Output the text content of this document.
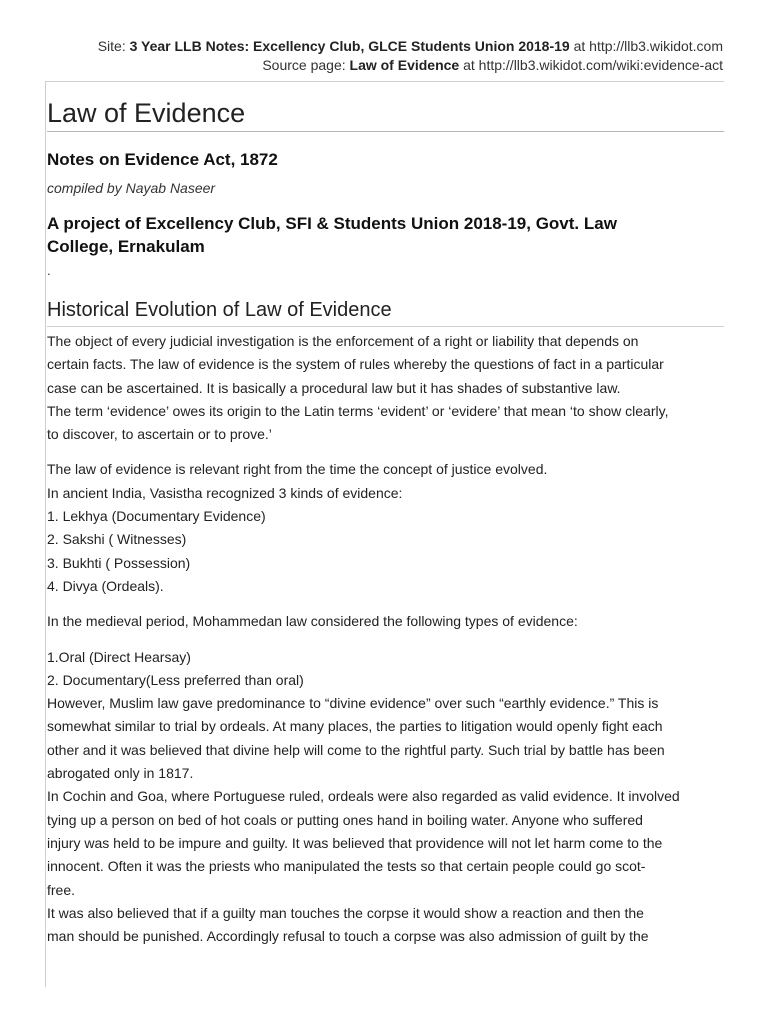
Site: 3 Year LLB Notes: Excellency Club, GLCE Students Union 2018-19 at http://llb3.wikidot.com
Source page: Law of Evidence at http://llb3.wikidot.com/wiki:evidence-act
Law of Evidence
Notes on Evidence Act, 1872
compiled by Nayab Naseer
A project of Excellency Club, SFI & Students Union 2018-19, Govt. Law
College, Ernakulam
.
Historical Evolution of Law of Evidence

The object of every judicial investigation is the enforcement of a right or liability that depends on

certain facts. The law of evidence is the system of rules whereby the questions of fact in a particular

case can be ascertained. It is basically a procedural law but it has shades of substantive law.

The term ‘evidence’ owes its origin to the Latin terms ‘evident’ or ‘evidere’ that mean ‘to show clearly,

to discover, to ascertain or to prove.’

The law of evidence is relevant right from the time the concept of justice evolved.

In ancient India, Vasistha recognized 3 kinds of evidence:

1. Lekhya (Documentary Evidence)

2. Sakshi ( Witnesses)

3. Bukhti ( Possession)

4. Divya (Ordeals).

In the medieval period, Mohammedan law considered the following types of evidence:

1.Oral (Direct Hearsay)

2. Documentary(Less preferred than oral)

However, Muslim law gave predominance to “divine evidence” over such “earthly evidence.” This is

somewhat similar to trial by ordeals. At many places, the parties to litigation would openly fight each

other and it was believed that divine help will come to the rightful party. Such trial by battle has been

abrogated only in 1817.

In Cochin and Goa, where Portuguese ruled, ordeals were also regarded as valid evidence. It involved

tying up a person on bed of hot coals or putting ones hand in boiling water. Anyone who suffered

injury was held to be impure and guilty. It was believed that providence will not let harm come to the

innocent. Often it was the priests who manipulated the tests so that certain people could go scot-

free.

It was also believed that if a guilty man touches the corpse it would show a reaction and then the

man should be punished. Accordingly refusal to touch a corpse was also admission of guilt by the
